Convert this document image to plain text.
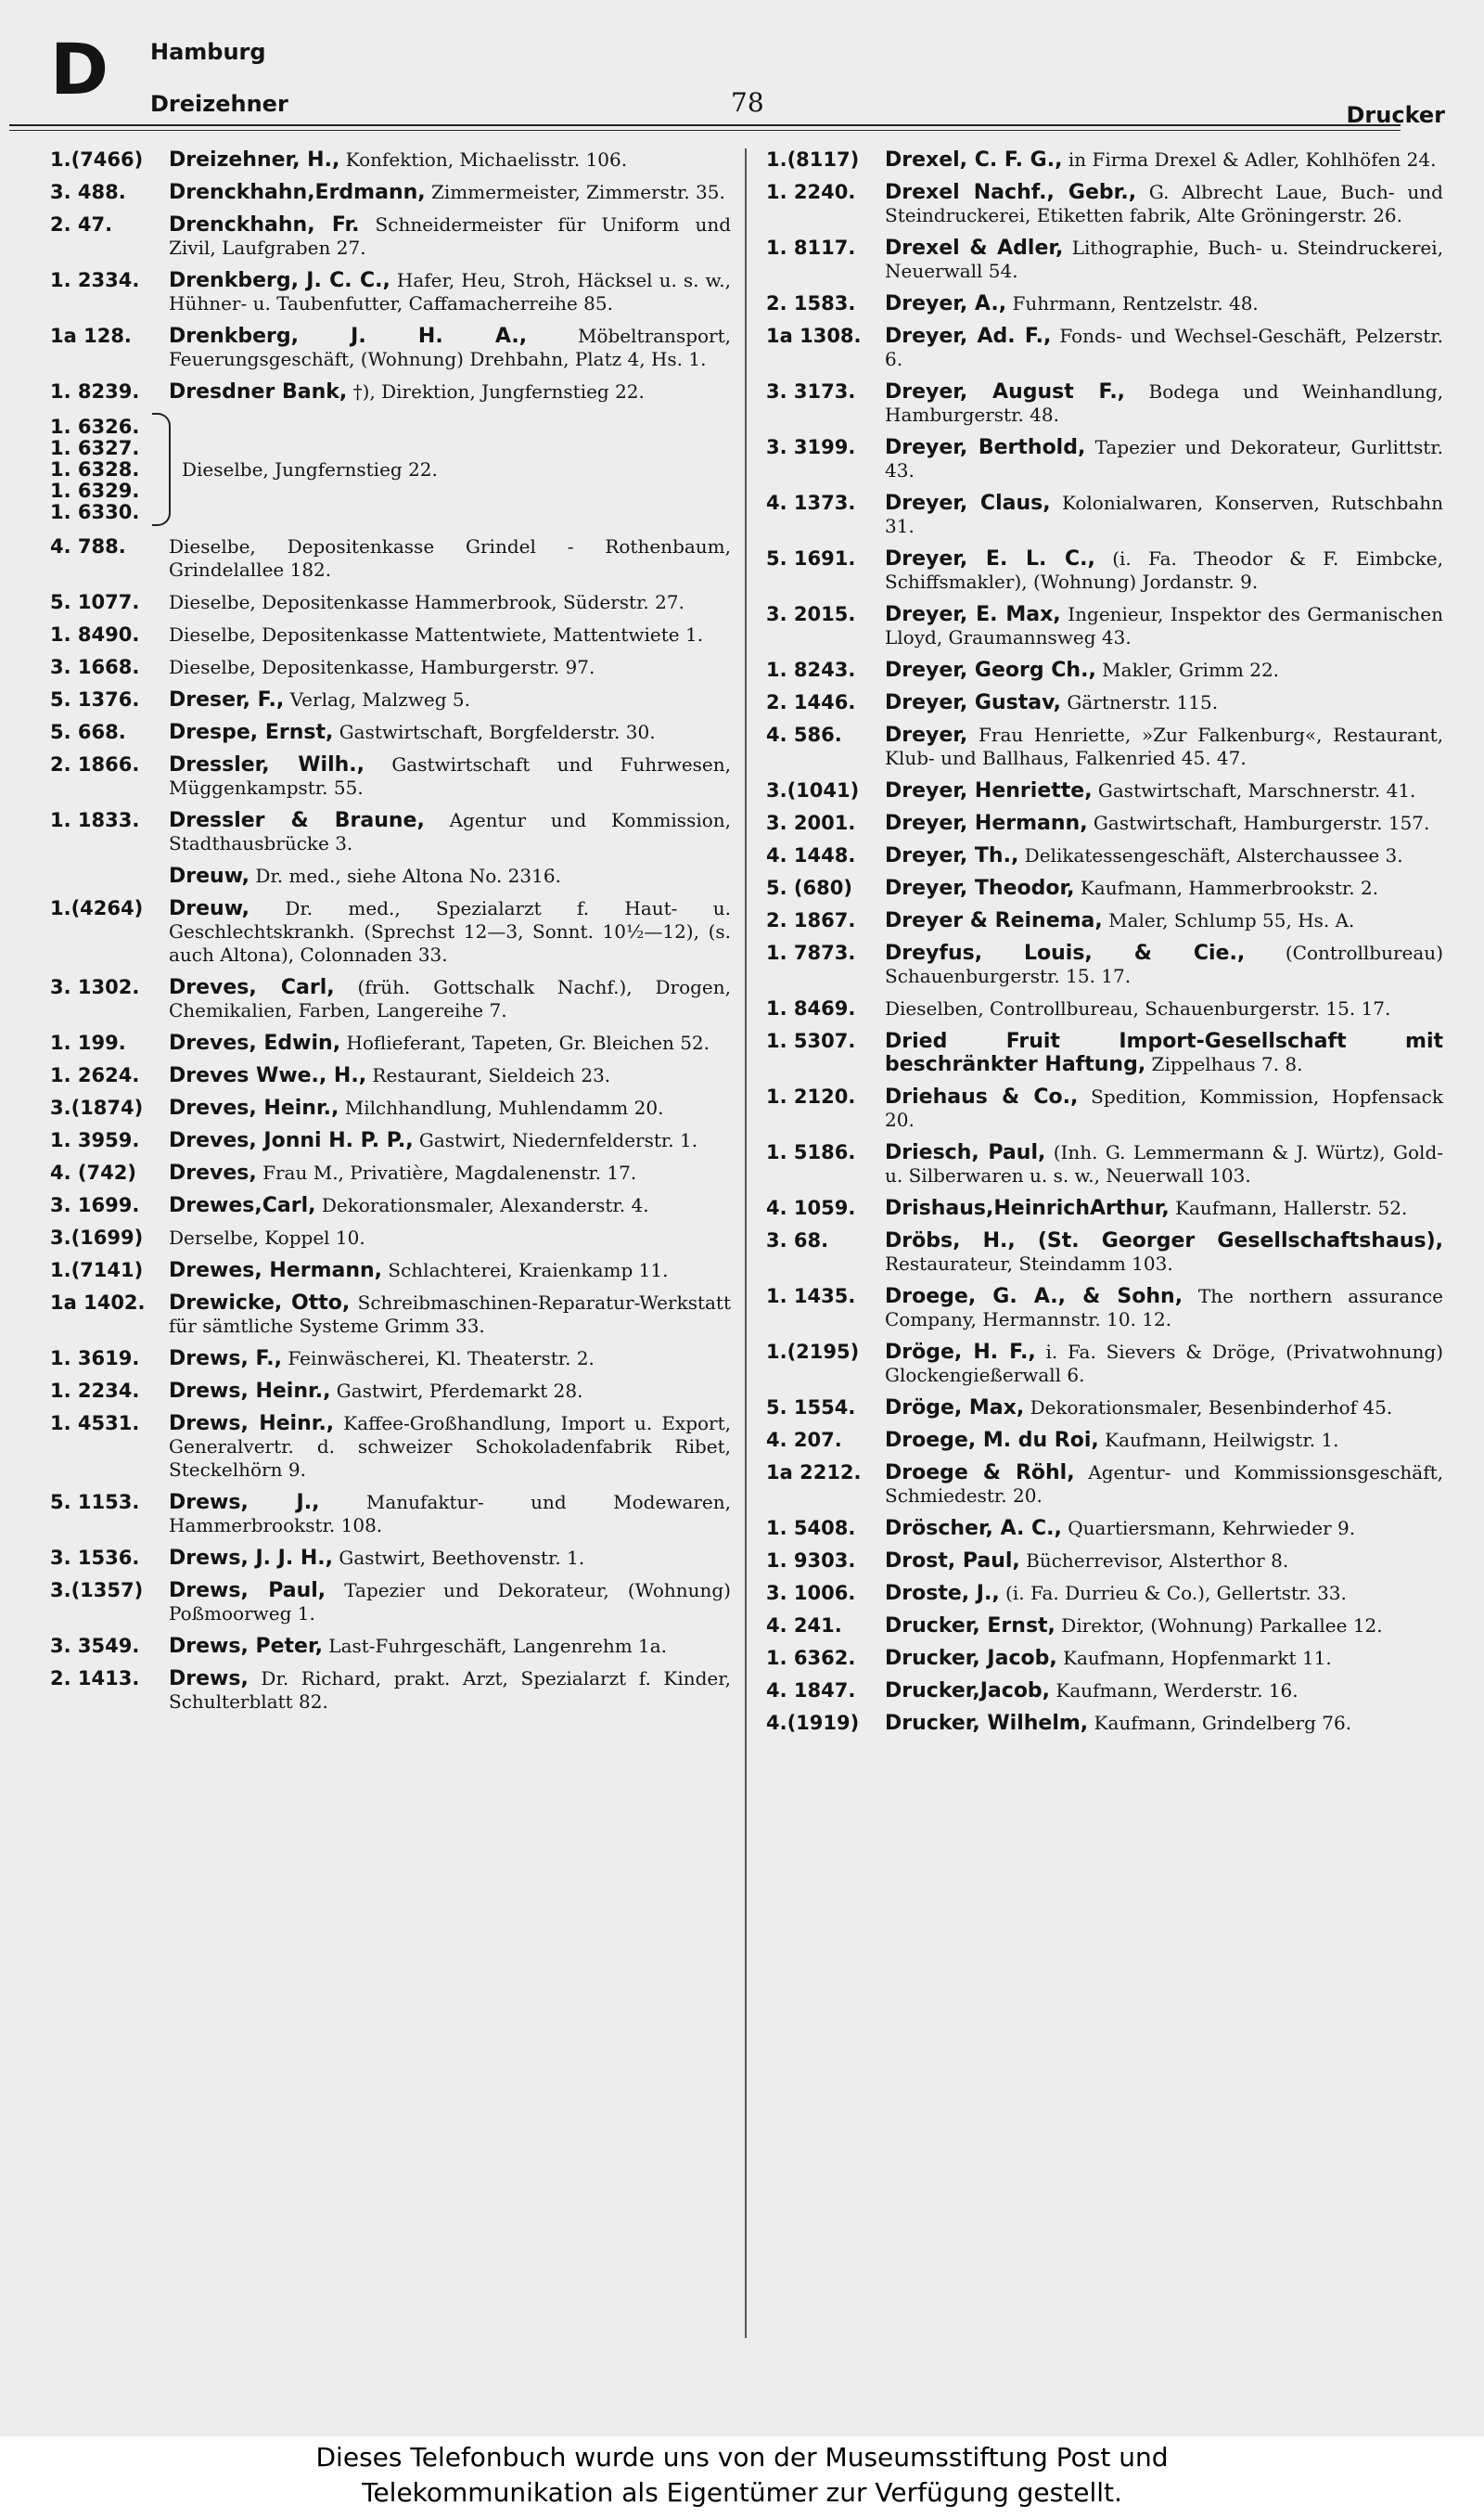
D Hamburg
Dreizehner	78	Drucker
1.(7466)	Dreizehner, H., Konfektion, Michaelisstr. 106.
3. 488.	Drenckhahn,Erdmann, Zimmermeister, Zimmerstr. 35.
2. 47.	Drenckhahn, Fr. Schneidermeister für Uniform und Zivil, Laufgraben 27.
1. 2334.	Drenkberg, J. C. C., Hafer, Heu, Stroh, Häcksel u. s. w., Hühner- u. Taubenfutter, Caffamacherreihe 85.
1a 128.	Drenkberg, J. H. A.,	Möbeltransport, Feuerungsgeschäft, (Wohnung) Drehbahn, Platz 4, Hs. 1.
1. 8239.	Dresdner Bank, †), Direktion, Jungfernstieg 22.
1. 6326.
1. 6327.
1. 6328.
1. 6329.
1. 6330.
Dieselbe, Jungfernstieg 22.
4. 788.	Dieselbe, Depositenkasse Grindel - Rothenbaum, Grindelallee 182.
5. 1077.	Dieselbe, Depositenkasse Hammerbrook, Süderstr. 27.
1. 8490.	Dieselbe, Depositenkasse Mattentwiete, Mattentwiete 1.
3. 1668.	Dieselbe, Depositenkasse, Hamburgerstr. 97.
5. 1376.	Dreser, F., Verlag, Malzweg 5.
5. 668.	Drespe, Ernst, Gastwirtschaft, Borgfelderstr. 30.
2. 1866.	Dressler, Wilh., Gastwirtschaft und Fuhrwesen, Müggenkampstr. 55.
1. 1833.	Dressler & Braune, Agentur und Kommission, Stadthausbrücke 3.
Dreuw, Dr. med., siehe Altona No. 2316.
1.(4264)	Dreuw, Dr. med., Spezialarzt f. Haut- u. Geschlechtskrankh. (Sprechst 12—3, Sonnt. 10½—12), (s. auch Altona), Colonnaden 33.
3. 1302.	Dreves, Carl, (früh. Gottschalk Nachf.), Drogen, Chemikalien, Farben, Langereihe 7.
1. 199.	Dreves, Edwin, Hoflieferant, Tapeten, Gr. Bleichen 52.
1. 2624.	Dreves Wwe., H., Restaurant, Sieldeich 23.
3.(1874)	Dreves, Heinr., Milchhandlung, Muhlendamm 20.
1. 3959.	Dreves, Jonni H. P. P., Gastwirt, Niedernfelderstr. 1.
4. (742)	Dreves, Frau M., Privatière, Magdalenenstr. 17.
3. 1699.	Drewes,Carl, Dekorationsmaler, Alexanderstr. 4.
3.(1699)	Derselbe, Koppel 10.
1.(7141)	Drewes, Hermann, Schlachterei, Kraienkamp 11.
1a 1402.	Drewicke, Otto, Schreibmaschinen-Reparatur-Werkstatt für sämtliche Systeme Grimm 33.
1. 3619.	Drews, F., Feinwäscherei, Kl. Theaterstr. 2.
1. 2234.	Drews, Heinr., Gastwirt, Pferdemarkt 28.
1. 4531.	Drews, Heinr., Kaffee-Großhandlung, Import u. Export, Generalvertr. d. schweizer Schokoladenfabrik Ribet, Steckelhörn 9.
5. 1153.	Drews, J.,	Manufaktur- und Modewaren, Hammerbrookstr. 108.
3. 1536.	Drews, J. J. H., Gastwirt, Beethovenstr. 1.
3.(1357)	Drews, Paul, Tapezier und Dekorateur, (Wohnung) Poßmoorweg 1.
3. 3549.	Drews, Peter, Last-Fuhrgeschäft, Langenrehm 1a.
2. 1413.	Drews, Dr. Richard, prakt. Arzt, Spezialarzt f. Kinder, Schulterblatt 82.
1.(8117)	Drexel, C. F. G., in Firma Drexel & Adler, Kohlhöfen 24.
1. 2240.	Drexel Nachf., Gebr., G. Albrecht Laue, Buch- und Steindruckerei, Etiketten fabrik, Alte Gröningerstr. 26.
1. 8117.	Drexel & Adler, Lithographie, Buch- u. Steindruckerei, Neuerwall 54.
2. 1583.	Dreyer, A., Fuhrmann, Rentzelstr. 48.
1a 1308.	Dreyer, Ad. F., Fonds- und Wechsel-Geschäft, Pelzerstr. 6.
3. 3173.	Dreyer, August F., Bodega und Weinhandlung, Hamburgerstr. 48.
3. 3199.	Dreyer, Berthold, Tapezier und Dekorateur, Gurlittstr. 43.
4. 1373.	Dreyer, Claus, Kolonialwaren, Konserven, Rutschbahn 31.
5. 1691.	Dreyer, E. L. C., (i. Fa. Theodor & F. Eimbcke, Schiffsmakler), (Wohnung) Jordanstr. 9.
3. 2015.	Dreyer, E. Max, Ingenieur, Inspektor des Germanischen Lloyd, Graumannsweg 43.
1. 8243.	Dreyer, Georg Ch., Makler, Grimm 22.
2. 1446.	Dreyer, Gustav, Gärtnerstr. 115.
4. 586.	Dreyer, Frau Henriette, »Zur Falkenburg«, Restaurant, Klub- und Ballhaus, Falkenried 45. 47.
3.(1041)	Dreyer, Henriette, Gastwirtschaft, Marschnerstr. 41.
3. 2001.	Dreyer, Hermann, Gastwirtschaft, Hamburgerstr. 157.
4. 1448.	Dreyer, Th., Delikatessengeschäft, Alsterchaussee 3.
5. (680)	Dreyer, Theodor, Kaufmann, Hammerbrookstr. 2.
2. 1867.	Dreyer & Reinema, Maler, Schlump 55, Hs. A.
1. 7873.	Dreyfus, Louis, & Cie., (Controllbureau) Schauenburgerstr. 15. 17.
1. 8469.	Dieselben, Controllbureau, Schauenburgerstr. 15. 17.
1. 5307.	Dried Fruit Import-Gesellschaft mit beschränkter Haftung, Zippelhaus 7. 8.
1. 2120.	Driehaus & Co., Spedition, Kommission, Hopfensack 20.
1. 5186.	Driesch, Paul, (Inh. G. Lemmermann & J. Würtz), Gold- u. Silberwaren u. s. w., Neuerwall 103.
4. 1059.	Drishaus,HeinrichArthur, Kaufmann, Hallerstr. 52.
3. 68.	Dröbs, H., (St. Georger Gesellschaftshaus), Restaurateur, Steindamm 103.
1. 1435.	Droege, G. A., & Sohn, The northern assurance Company, Hermannstr. 10. 12.
1.(2195)	Dröge, H. F., i. Fa. Sievers & Dröge, (Privatwohnung) Glockengießerwall 6.
5. 1554.	Dröge, Max, Dekorationsmaler, Besenbinderhof 45.
4. 207.	Droege, M. du Roi, Kaufmann, Heilwigstr. 1.
1a 2212.	Droege & Röhl, Agentur- und Kommissionsgeschäft, Schmiedestr. 20.
1. 5408.	Dröscher, A. C., Quartiersmann, Kehrwieder 9.
1. 9303.	Drost, Paul, Bücherrevisor, Alsterthor 8.
3. 1006.	Droste, J., (i. Fa. Durrieu & Co.), Gellertstr. 33.
4. 241.	Drucker, Ernst, Direktor, (Wohnung) Parkallee 12.
1. 6362.	Drucker, Jacob, Kaufmann, Hopfenmarkt 11.
4. 1847.	Drucker,Jacob, Kaufmann, Werderstr. 16.
4.(1919)	Drucker, Wilhelm, Kaufmann, Grindelberg 76.
Dieses Telefonbuch wurde uns von der Museumsstiftung Post und
Telekommunikation als Eigentümer zur Verfügung gestellt.
